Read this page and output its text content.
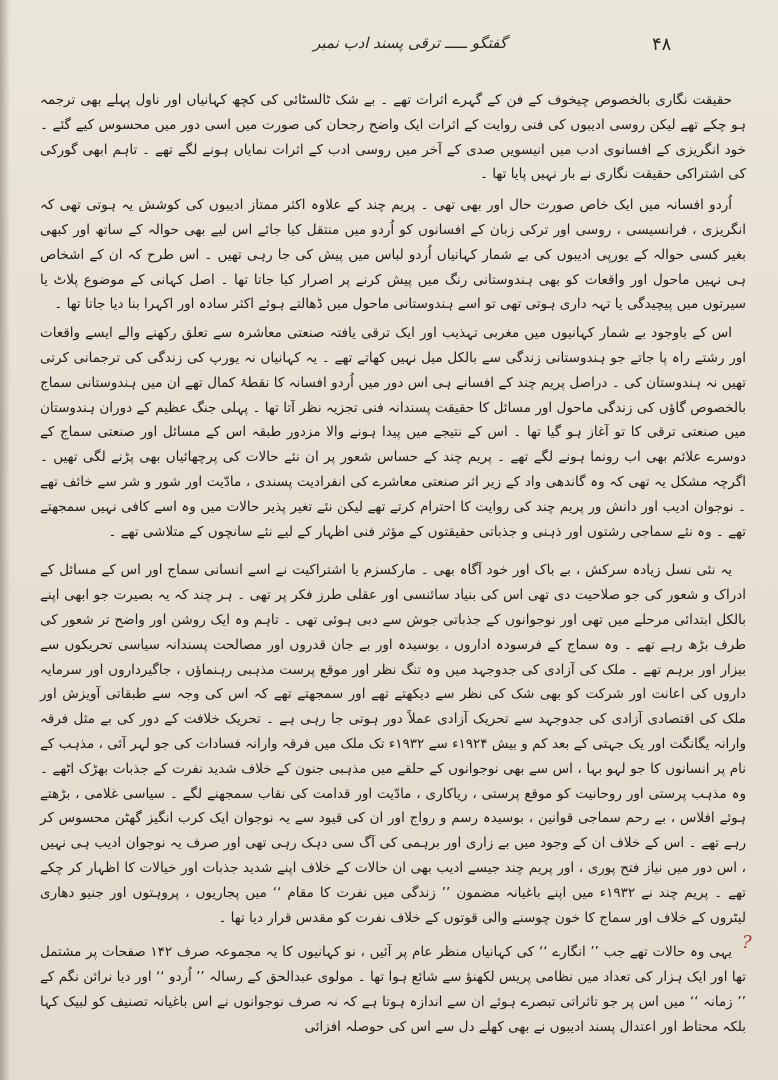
۴۸
گفتگو ـــــ ترقی پسند ادب نمبر

حقیقت نگاری بالخصوص چیخوف کے فن کے گہرے اثرات تھے ۔ بے شک ٹالسٹائی کی کچھ کہانیاں اور ناول پہلے بھی ترجمہ ہو چکے تھے لیکن روسی ادیبوں کی فنی روایت کے اثرات ایک واضح رجحان کی صورت میں اسی دور میں محسوس کیے گئے ۔ خود انگریزی کے افسانوی ادب میں انیسویں صدی کے آخر میں روسی ادب کے اثرات نمایاں ہونے لگے تھے ۔ تاہم ابھی گورکی کی اشتراکی حقیقت نگاری نے بار نہیں پایا تھا ۔

اُردو افسانہ میں ایک خاص صورت حال اور بھی تھی ۔ پریم چند کے علاوہ اکثر ممتاز ادیبوں کی کوشش یہ ہوتی تھی کہ انگریزی ، فرانسیسی ، روسی اور ترکی زبان کے افسانوں کو اُردو میں منتقل کیا جائے اس لیے بھی حوالہ کے ساتھ اور کبھی بغیر کسی حوالہ کے یورپی ادیبوں کی بے شمار کہانیاں اُردو لباس میں پیش کی جا رہی تھیں ۔ اس طرح کہ ان کے اشخاص ہی نہیں ماحول اور واقعات کو بھی ہندوستانی رنگ میں پیش کرنے پر اصرار کیا جاتا تھا ۔ اصل کہانی کے موضوع پلاٹ یا سیرتوں میں پیچیدگی یا تہہ داری ہوتی تھی تو اسے ہندوستانی ماحول میں ڈھالتے ہوئے اکثر سادہ اور اکہرا بنا دیا جاتا تھا ۔

اس کے باوجود بے شمار کہانیوں میں مغربی تہذیب اور ایک ترقی یافتہ صنعتی معاشرہ سے تعلق رکھنے والے ایسے واقعات اور رشتے راہ پا جاتے جو ہندوستانی زندگی سے بالکل میل نہیں کھاتے تھے ۔ یہ کہانیاں نہ یورپ کی زندگی کی ترجمانی کرتی تھیں نہ ہندوستان کی ۔ دراصل پریم چند کے افسانے ہی اس دور میں اُردو افسانہ کا نقطۂ کمال تھے ان میں ہندوستانی سماج بالخصوص گاؤں کی زندگی ماحول اور مسائل کا حقیقت پسندانہ فنی تجزیہ نظر آتا تھا ۔ پہلی جنگ عظیم کے دوران ہندوستان میں صنعتی ترقی کا تو آغاز ہو گیا تھا ۔ اس کے نتیجے میں پیدا ہونے والا مزدور طبقہ اس کے مسائل اور صنعتی سماج کے دوسرے علائم بھی اب رونما ہونے لگے تھے ۔ پریم چند کے حساس شعور پر ان نئے حالات کی پرچھائیاں بھی پڑنے لگی تھیں ۔ اگرچہ مشکل یہ تھی کہ وہ گاندھی واد کے زیر اثر صنعتی معاشرے کی انفرادیت پسندی ، مادّیت اور شور و شر سے خائف تھے ۔ نوجوان ادیب اور دانش ور پریم چند کی روایت کا احترام کرتے تھے لیکن نئے تغیر پذیر حالات میں وہ اسے کافی نہیں سمجھتے تھے ۔ وہ نئے سماجی رشتوں اور ذہنی و جذباتی حقیقتوں کے مؤثر فنی اظہار کے لیے نئے سانچوں کے متلاشی تھے ۔

یہ نئی نسل زیادہ سرکش ، بے باک اور خود آگاہ بھی ۔ مارکسزم یا اشتراکیت نے اسے انسانی سماج اور اس کے مسائل کے ادراک و شعور کی جو صلاحیت دی تھی اس کی بنیاد سائنسی اور عقلی طرز فکر پر تھی ۔ ہر چند کہ یہ بصیرت جو ابھی اپنے بالکل ابتدائی مرحلے میں تھی اور نوجوانوں کے جذباتی جوش سے دبی ہوئی تھی ۔ تاہم وہ ایک روشن اور واضح تر شعور کی طرف بڑھ رہے تھے ۔ وہ سماج کے فرسودہ اداروں ، بوسیدہ اور بے جان قدروں اور مصالحت پسندانہ سیاسی تحریکوں سے بیزار اور برہم تھے ۔ ملک کی آزادی کی جدوجہد میں وہ تنگ نظر اور موقع پرست مذہبی رہنماؤں ، جاگیرداروں اور سرمایہ داروں کی اعانت اور شرکت کو بھی شک کی نظر سے دیکھتے تھے اور سمجھتے تھے کہ اس کی وجہ سے طبقاتی آویزش اور ملک کی اقتصادی آزادی کی جدوجہد سے تحریک آزادی عملاً دور ہوتی جا رہی ہے ۔ تحریک خلافت کے دور کی بے مثل فرقہ وارانہ یگانگت اور یک جہتی کے بعد کم و بیش ۱۹۲۴ء سے ۱۹۳۲ء تک ملک میں فرقہ وارانہ فسادات کی جو لہر آئی ، مذہب کے نام پر انسانوں کا جو لہو بہا ، اس سے بھی نوجوانوں کے حلقے میں مذہبی جنون کے خلاف شدید نفرت کے جذبات بھڑک اٹھے ۔ وہ مذہب پرستی اور روحانیت کو موقع پرستی ، ریاکاری ، مادّیت اور قدامت کی نقاب سمجھنے لگے ۔ سیاسی غلامی ، بڑھتے ہوئے افلاس ، بے رحم سماجی قوانین ، بوسیدہ رسم و رواج اور ان کی قیود سے یہ نوجوان ایک کرب انگیز گھٹن محسوس کر رہے تھے ۔ اس کے خلاف ان کے وجود میں بے زاری اور برہمی کی آگ سی دہک رہی تھی اور صرف یہ نوجوان ادیب ہی نہیں ، اس دور میں نیاز فتح پوری ، اور پریم چند جیسے ادیب بھی ان حالات کے خلاف اپنے شدید جذبات اور خیالات کا اظہار کر چکے تھے ۔ پریم چند نے ۱۹۳۲ء میں اپنے باغیانہ مضمون ’’ زندگی میں نفرت کا مقام ‘‘ میں پجاریوں ، پروہتوں اور جنیو دھاری لیٹروں کے خلاف اور سماج کا خون چوسنے والی قوتوں کے خلاف نفرت کو مقدس قرار دیا تھا ۔

یہی وہ حالات تھے جب ’’ انگارے ‘‘ کی کہانیاں منظر عام پر آئیں ، نو کہانیوں کا یہ مجموعہ صرف ۱۴۲ صفحات پر مشتمل تھا اور ایک ہزار کی تعداد میں نظامی پریس لکھنؤ سے شائع ہوا تھا ۔ مولوی عبدالحق کے رسالہ ’’ اُردو ‘‘ اور دیا نرائن نگم کے ’’ زمانہ ‘‘ میں اس پر جو تاثراتی تبصرے ہوئے ان سے اندازہ ہوتا ہے کہ نہ صرف نوجوانوں نے اس باغیانہ تصنیف کو لبیک کہا بلکہ محتاط اور اعتدال پسند ادیبوں نے بھی کھلے دل سے اس کی حوصلہ افزائی

?
